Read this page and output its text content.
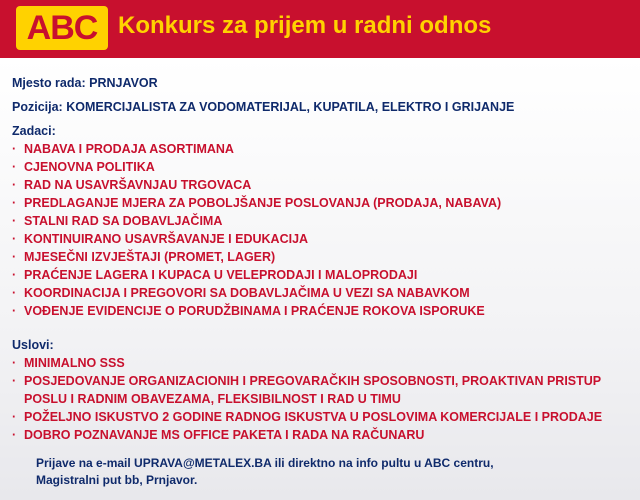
ABC Konkurs za prijem u radni odnos
Mjesto rada: PRNJAVOR
Pozicija: KOMERCIJALISTA ZA VODOMATERIJAL, KUPATILA, ELEKTRO I GRIJANJE
Zadaci:
· NABAVA I PRODAJA ASORTIMANA
· CJENOVNA POLITIKA
· RAD NA USAVRŠAVNJAU TRGOVACA
· PREDLAGANJE MJERA ZA POBOLJŠANJE POSLOVANJA (PRODAJA, NABAVA)
· STALNI RAD SA DOBAVLJAČIMA
· KONTINUIRANO USAVRŠAVANJE I EDUKACIJA
· MJESEČNI IZVJEŠTAJI (PROMET, LAGER)
· PRAĆENJE LAGERA I KUPACA U VELEPRODAJI I MALOPRODAJI
· KOORDINACIJA I PREGOVORI SA DOBAVLJAČIMA U VEZI SA NABAVKOM
· VOĐENJE EVIDENCIJE O PORUDŽBINAMA I PRAĆENJE ROKOVA ISPORUKE
Uslovi:
· MINIMALNO SSS
· POSJEDOVANJE ORGANIZACIONIH I PREGOVARAČKIH SPOSOBNOSTI, PROAKTIVAN PRISTUP POSLU I RADNIM OBAVEZAMA, FLEKSIBILNOST I RAD U TIMU
· POŽELJNO ISKUSTVO 2 GODINE RADNOG ISKUSTVA U POSLOVIMA KOMERCIJALE I PRODAJE
· DOBRO POZNAVANJE MS OFFICE PAKETA I RADA NA RAČUNARU
Prijave na e-mail UPRAVA@METALEX.BA ili direktno na info pultu u ABC centru,
Magistralni put bb, Prnjavor.
